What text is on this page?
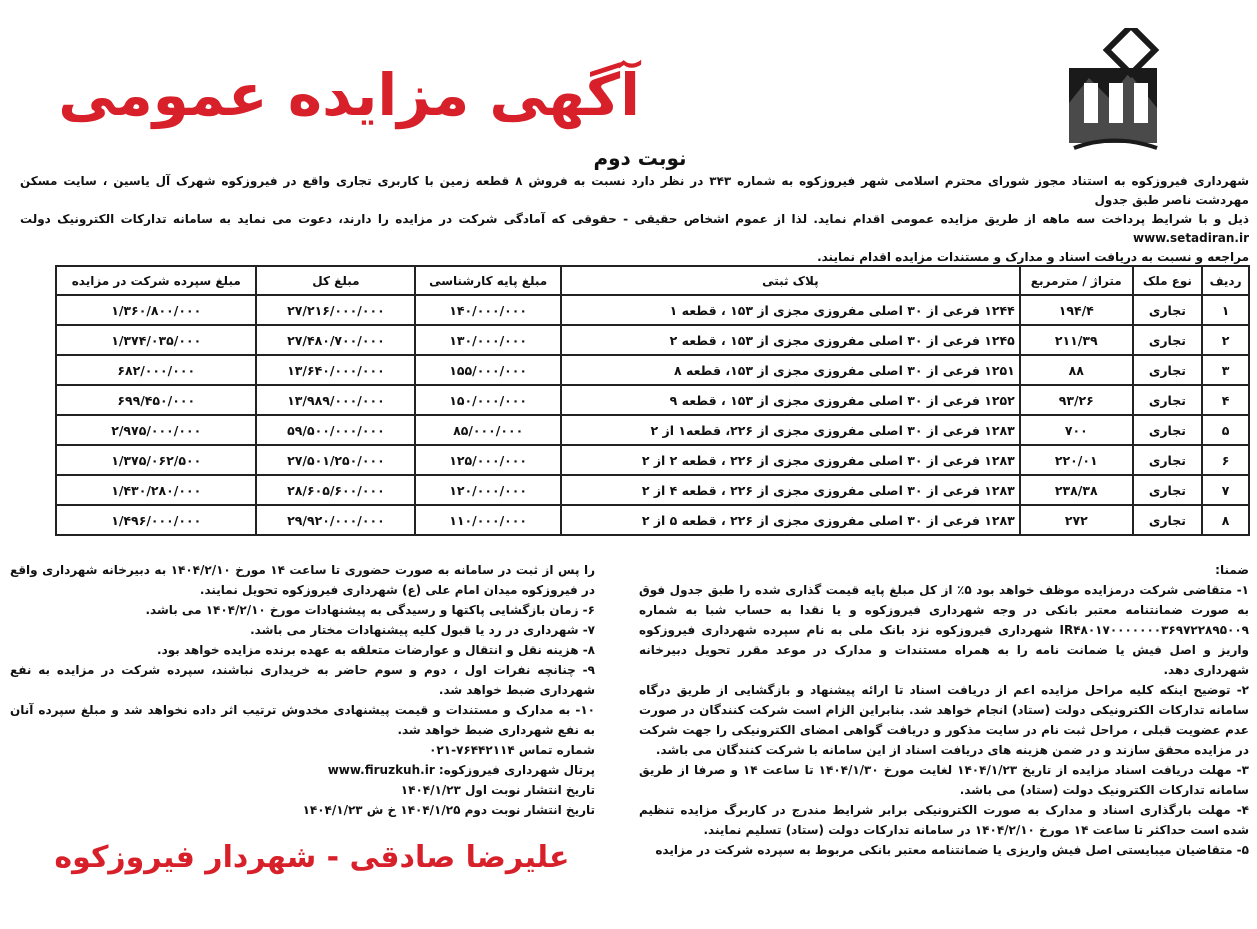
آگهی مزایده عمومی
نوبت دوم
شهرداری فیروزکوه به استناد مجوز شورای محترم اسلامی شهر فیروزکوه به شماره ۳۴۳ در نظر دارد نسبت به فروش ۸ قطعه زمین با کاربری تجاری واقع در فیروزکوه شهرک آل یاسین ، سایت مسکن مهردشت ناصر طبق جدول
ذیل و با شرایط پرداخت سه ماهه از طریق مزایده عمومی اقدام نماید. لذا از عموم اشخاص حقیقی - حقوقی که آمادگی شرکت در مزایده را دارند، دعوت می نماید به سامانه تدارکات الکترونیک دولت www.setadiran.ir
مراجعه و نسبت به دریافت اسناد و مدارک و مستندات مزایده اقدام نمایند.
ردیف	نوع ملک	متراژ / مترمربع	پلاک ثبتی	مبلغ پایه کارشناسی	مبلغ کل	مبلغ سپرده شرکت در مزایده
۱	تجاری	۱۹۴/۴	۱۲۴۴ فرعی از ۳۰ اصلی مفروزی مجزی از ۱۵۳ ، قطعه ۱	۱۴۰/۰۰۰/۰۰۰	۲۷/۲۱۶/۰۰۰/۰۰۰	۱/۳۶۰/۸۰۰/۰۰۰
۲	تجاری	۲۱۱/۳۹	۱۲۴۵ فرعی از ۳۰ اصلی مفروزی مجزی از ۱۵۳ ، قطعه ۲	۱۳۰/۰۰۰/۰۰۰	۲۷/۴۸۰/۷۰۰/۰۰۰	۱/۳۷۴/۰۳۵/۰۰۰
۳	تجاری	۸۸	۱۲۵۱ فرعی از ۳۰ اصلی مفروزی مجزی از ۱۵۳، قطعه ۸	۱۵۵/۰۰۰/۰۰۰	۱۳/۶۴۰/۰۰۰/۰۰۰	۶۸۲/۰۰۰/۰۰۰
۴	تجاری	۹۳/۲۶	۱۲۵۲ فرعی از ۳۰ اصلی مفروزی مجزی از ۱۵۳ ، قطعه ۹	۱۵۰/۰۰۰/۰۰۰	۱۳/۹۸۹/۰۰۰/۰۰۰	۶۹۹/۴۵۰/۰۰۰
۵	تجاری	۷۰۰	۱۲۸۳ فرعی از ۳۰ اصلی مفروزی مجزی از ۲۲۶، قطعه۱ از ۲	۸۵/۰۰۰/۰۰۰	۵۹/۵۰۰/۰۰۰/۰۰۰	۲/۹۷۵/۰۰۰/۰۰۰
۶	تجاری	۲۲۰/۰۱	۱۲۸۳ فرعی از ۳۰ اصلی مفروزی مجزی از ۲۲۶ ، قطعه ۲ از ۲	۱۲۵/۰۰۰/۰۰۰	۲۷/۵۰۱/۲۵۰/۰۰۰	۱/۳۷۵/۰۶۲/۵۰۰
۷	تجاری	۲۳۸/۳۸	۱۲۸۳ فرعی از ۳۰ اصلی مفروزی مجزی از ۲۲۶ ، قطعه ۴ از ۲	۱۲۰/۰۰۰/۰۰۰	۲۸/۶۰۵/۶۰۰/۰۰۰	۱/۴۳۰/۲۸۰/۰۰۰
۸	تجاری	۲۷۲	۱۲۸۳ فرعی از ۳۰ اصلی مفروزی مجزی از ۲۲۶ ، قطعه ۵ از ۲	۱۱۰/۰۰۰/۰۰۰	۲۹/۹۲۰/۰۰۰/۰۰۰	۱/۴۹۶/۰۰۰/۰۰۰

ضمنا:

۱- متقاضی شرکت درمزایده موظف خواهد بود ۵٪ از کل مبلغ پایه قیمت گذاری شده را طبق جدول فوق به صورت ضمانتنامه معتبر بانکی در وجه شهرداری فیروزکوه و یا نقدا به حساب شبا به شماره IR۴۸۰۱۷۰۰۰۰۰۰۰۳۶۹۷۲۲۸۹۵۰۰۹ شهرداری فیروزکوه نزد بانک ملی به نام سپرده شهرداری فیروزکوه واریز و اصل فیش یا ضمانت نامه را به همراه مستندات و مدارک در موعد مقرر تحویل دبیرخانه شهرداری دهد.

۲- توضیح اینکه کلیه مراحل مزایده اعم از دریافت اسناد تا ارائه پیشنهاد و بازگشایی از طریق درگاه سامانه تدارکات الکترونیکی دولت (ستاد) انجام خواهد شد. بنابراین الزام است شرکت کنندگان در صورت عدم عضویت قبلی ، مراحل ثبت نام در سایت مذکور و دریافت گواهی امضای الکترونیکی را جهت شرکت در مزایده محقق سازند و در ضمن هزینه های دریافت اسناد از این سامانه با شرکت کنندگان می باشد.

۳- مهلت دریافت اسناد مزایده از تاریخ ۱۴۰۴/۱/۲۳ لغایت مورخ ۱۴۰۴/۱/۳۰ تا ساعت ۱۴ و صرفا از طریق سامانه تدارکات الکترونیک دولت (ستاد) می باشد.

۴- مهلت بارگذاری اسناد و مدارک به صورت الکترونیکی برابر شرایط مندرج در کاربرگ مزایده تنظیم شده است حداکثر تا ساعت ۱۴ مورخ ۱۴۰۴/۲/۱۰ در سامانه تدارکات دولت (ستاد) تسلیم نمایند.

۵- متقاضیان میبایستی اصل فیش واریزی یا ضمانتنامه معتبر بانکی مربوط به سپرده شرکت در مزایده

را پس از ثبت در سامانه به صورت حضوری تا ساعت ۱۴ مورخ ۱۴۰۴/۲/۱۰ به دبیرخانه شهرداری واقع در فیروزکوه میدان امام علی (ع) شهرداری فیروزکوه تحویل نمایند.

۶- زمان بازگشایی پاکتها و رسیدگی به پیشنهادات مورخ ۱۴۰۴/۲/۱۰ می باشد.

۷- شهرداری در رد یا قبول کلیه پیشنهادات مختار می باشد.

۸- هزینه نقل و انتقال و عوارضات متعلقه به عهده برنده مزایده خواهد بود.

۹- چنانچه نفرات اول ، دوم و سوم حاضر به خریداری نباشند، سپرده شرکت در مزایده به نفع شهرداری ضبط خواهد شد.

۱۰- به مدارک و مستندات و قیمت پیشنهادی مخدوش ترتیب اثر داده نخواهد شد و مبلغ سپرده آنان به نفع شهرداری ضبط خواهد شد.

شماره تماس ۷۶۴۴۲۱۱۴-۰۲۱

پرتال شهرداری فیروزکوه: www.firuzkuh.ir

تاریخ انتشار نوبت اول ۱۴۰۴/۱/۲۳

تاریخ انتشار نوبت دوم ۱۴۰۴/۱/۲۵ خ ش ۱۴۰۴/۱/۲۳

علیرضا صادقی - شهردار فیروزکوه
